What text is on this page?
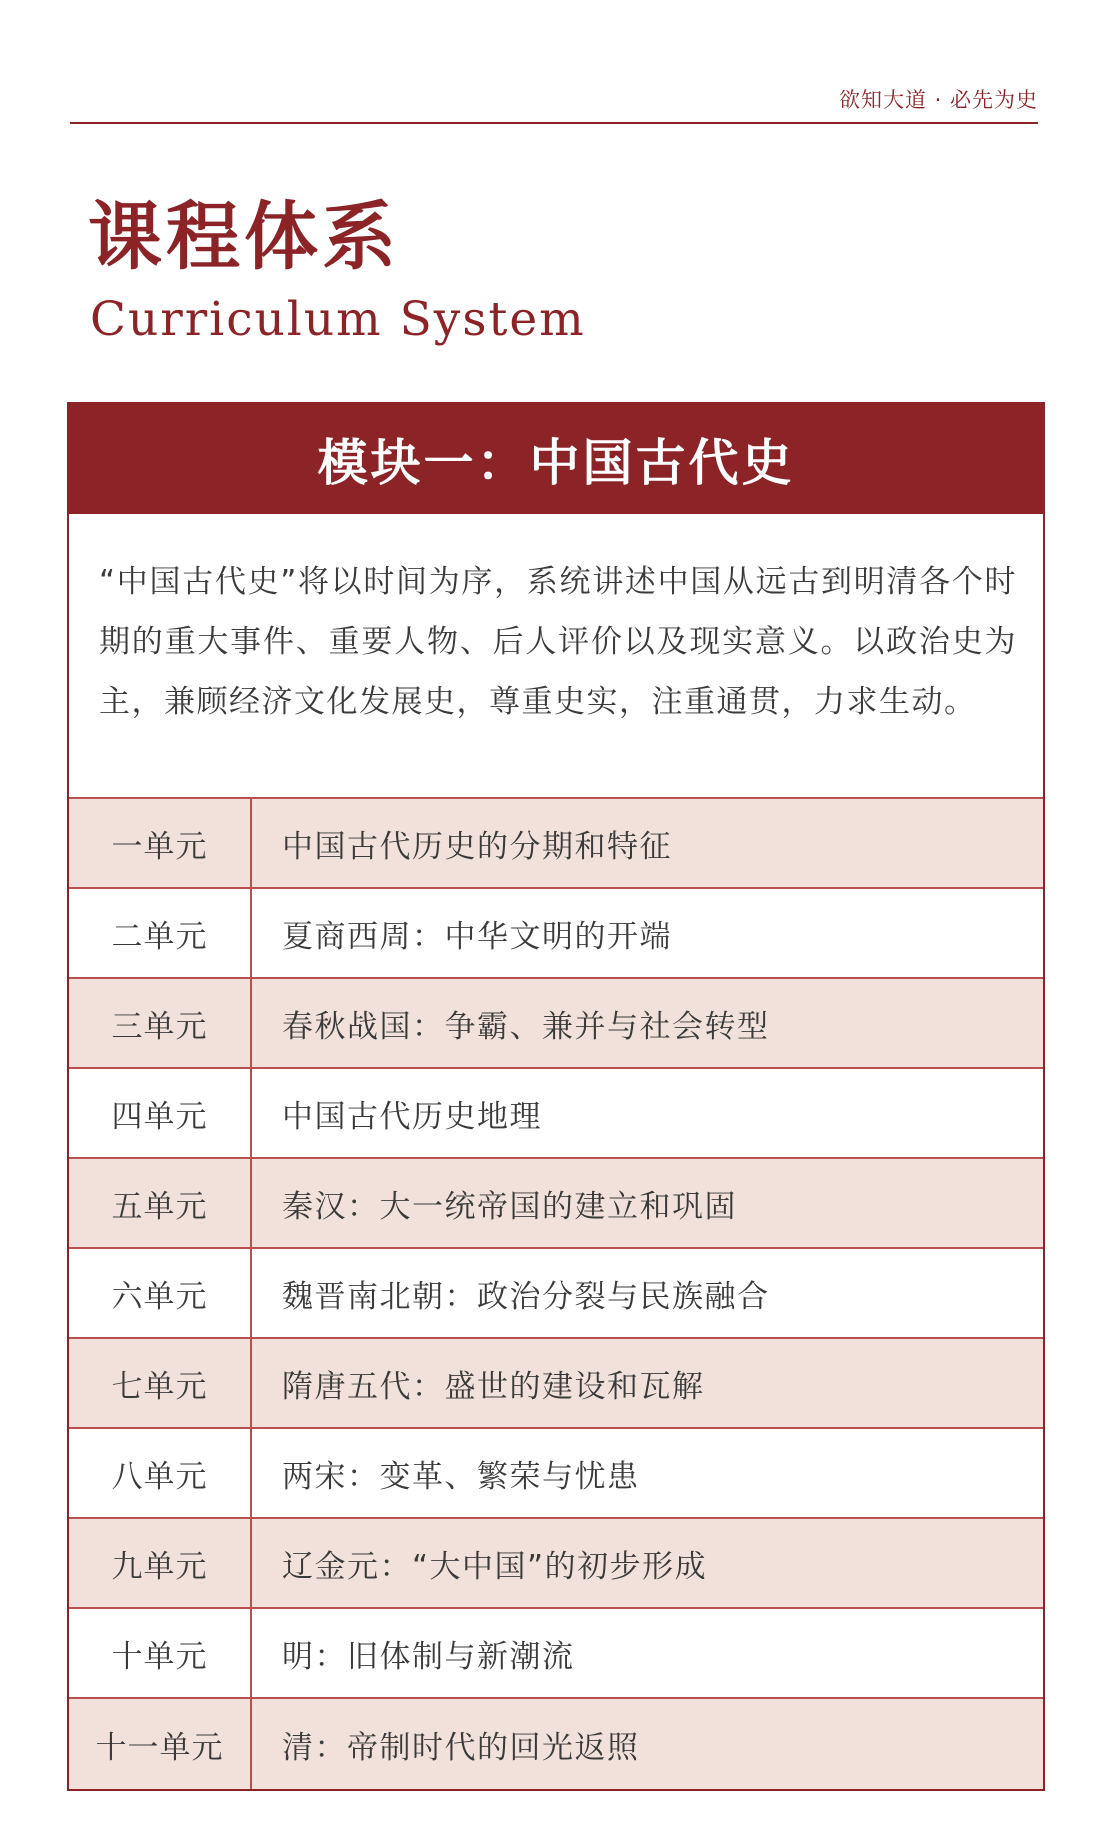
欲知大道 · 必先为史
课程体系
Curriculum System
模块一：中国古代史
“中国古代史”将以时间为序，系统讲述中国从远古到明清各个时期的重大事件、重要人物、后人评价以及现实意义。以政治史为主，兼顾经济文化发展史，尊重史实，注重通贯，力求生动。
一单元	中国古代历史的分期和特征
二单元	夏商西周：中华文明的开端
三单元	春秋战国：争霸、兼并与社会转型
四单元	中国古代历史地理
五单元	秦汉：大一统帝国的建立和巩固
六单元	魏晋南北朝：政治分裂与民族融合
七单元	隋唐五代：盛世的建设和瓦解
八单元	两宋：变革、繁荣与忧患
九单元	辽金元：“大中国”的初步形成
十单元	明：旧体制与新潮流
十一单元	清：帝制时代的回光返照
